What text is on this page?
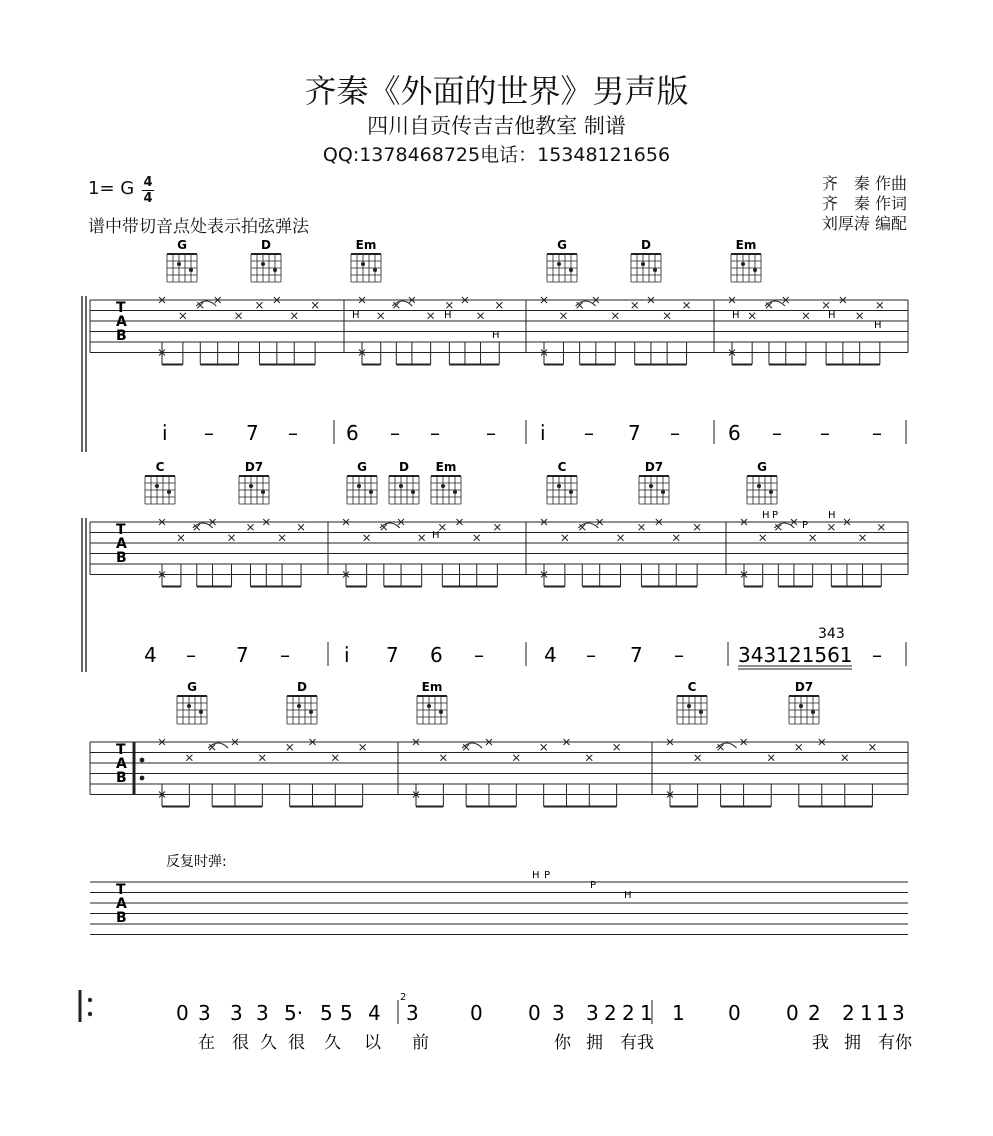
齐秦《外面的世界》男声版
四川自贡传吉吉他教室 制谱
QQ:1378468725电话：15348121656
1= G 4
4
谱中带切音点处表示拍弦弹法
齐　秦 作曲
齐　秦 作词
刘厚涛 编配
T
A
B
T
A
B
T
A
B
H	H
H
H	H
H
H	H
H
P
P
G	D	Em	G	D	Em
C	D7	G	D Em	C	D7	G
G	D	Em	C	D7
i̇ – 7 – 6 – – – i̇ – 7 – 6 – – –
4 – 7 –	i̇ 7 6 –	4 – 7 –	343121561 –
343
T
A
B
反复时弹:
H P
P
H
0 3 3 3 5· 5 5 4 3	0 0 3 3 2 2 1 1 0 0 2 2 1 1 3
2
在 很 久 很 久 以 前	你 拥 有我	我 拥 有你
